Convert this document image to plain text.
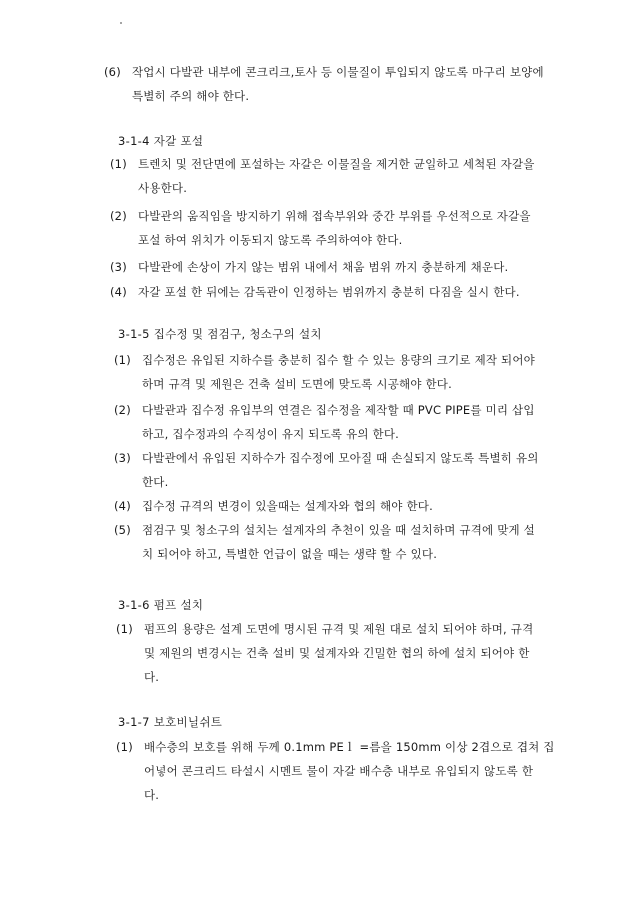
(6) 작업시 다발관 내부에 콘크리크,토사 등 이물질이 투입되지 않도록 마구리 보양에
특별히 주의 해야 한다.
3-1-4 자갈 포설
(1) 트렌치 및 전단면에 포설하는 자갈은 이물질을 제거한 균일하고 세척된 자갈을
사용한다.
(2) 다발관의 움직임을 방지하기 위해 접속부위와 중간 부위를 우선적으로 자갈을
포설 하여 위치가 이동되지 않도록 주의하여야 한다.
(3) 다발관에 손상이 가지 않는 범위 내에서 채움 범위 까지 충분하게 채운다.
(4) 자갈 포설 한 뒤에는 감독관이 인정하는 범위까지 충분히 다짐을 실시 한다.
3-1-5 집수정 및 점검구, 청소구의 설치
(1) 집수정은 유입된 지하수를 충분히 집수 할 수 있는 용량의 크기로 제작 되어야
하며 규격 및 제원은 건축 설비 도면에 맞도록 시공해야 한다.
(2) 다발관과 집수정 유입부의 연결은 집수정을 제작할 때 PVC PIPE를 미리 삽입
하고, 집수정과의 수직성이 유지 되도록 유의 한다.
(3) 다발관에서 유입된 지하수가 집수정에 모아질 때 손실되지 않도록 특별히 유의
한다.
(4) 집수정 규격의 변경이 있을때는 설계자와 협의 해야 한다.
(5) 점검구 및 청소구의 설치는 설계자의 추천이 있을 때 설치하며 규격에 맞게 설
치 되어야 하고, 특별한 언급이 없을 때는 생략 할 수 있다.
3-1-6 펌프 설치
(1) 펌프의 용량은 설계 도면에 명시된 규격 및 제원 대로 설치 되어야 하며, 규격
및 제원의 변경시는 건축 설비 및 설계자와 긴밀한 협의 하에 설치 되어야 한
다.
3-1-7 보호비닐쉬트
(1) 배수층의 보호를 위해 두께 0.1mm PEｌ =름을 150mm 이상 2겹으로 겹쳐 집
어넣어 콘크리드 타설시 시멘트 물이 자갈 배수층 내부로 유입되지 않도록 한
다.
